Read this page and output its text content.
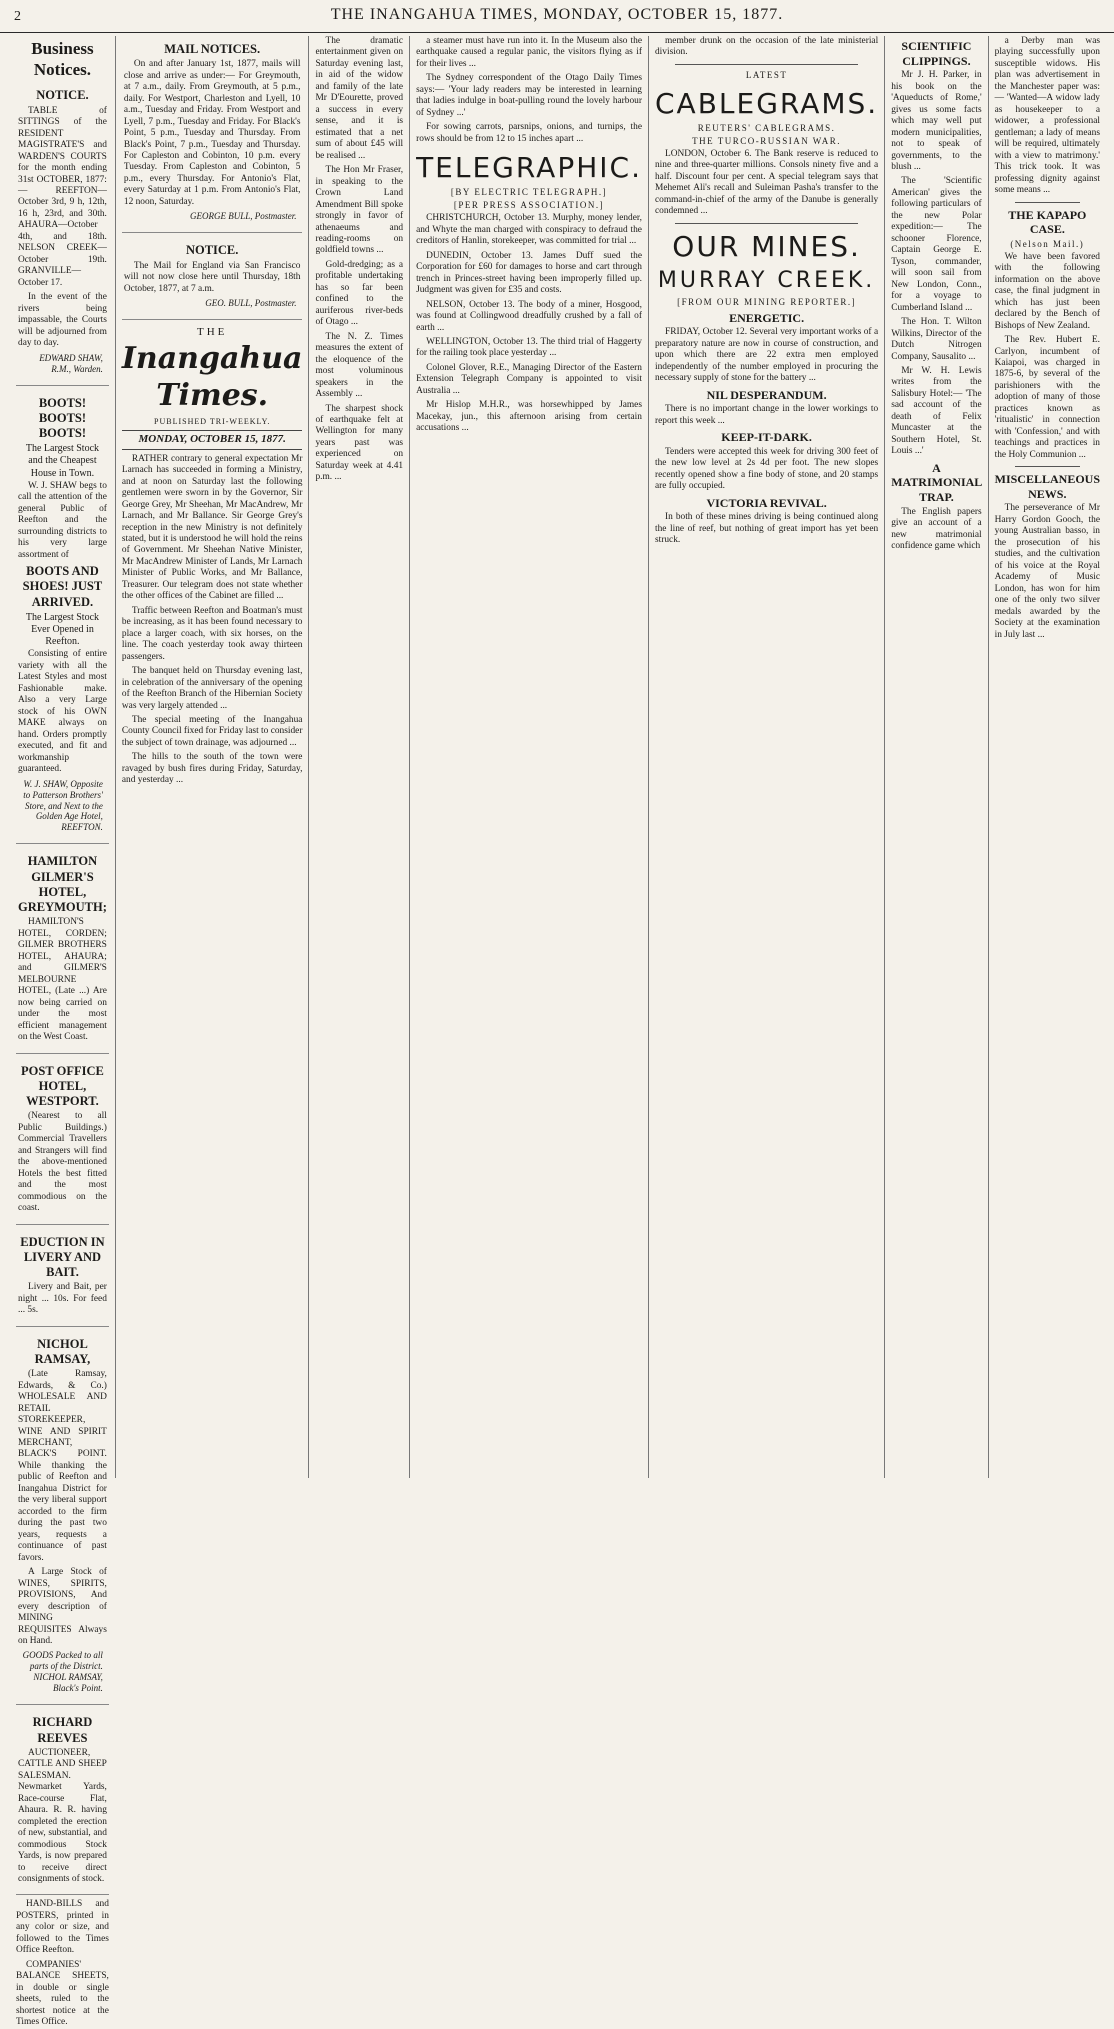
2	THE INANGAHUA TIMES, MONDAY, OCTOBER 15, 1877.
Business Notices.
NOTICE.

TABLE of SITTINGS of the RESIDENT MAGISTRATE'S and WARDEN'S COURTS for the month ending 31st OCTOBER, 1877:— REEFTON—October 3rd, 9 h, 12th, 16 h, 23rd, and 30th. AHAURA—October 4th, and 18th. NELSON CREEK—October 19th. GRANVILLE—October 17.

In the event of the rivers being impassable, the Courts will be adjourned from day to day.

EDWARD SHAW, R.M., Warden.
BOOTS! BOOTS! BOOTS!
The Largest Stock and the Cheapest House in Town.

W. J. SHAW begs to call the attention of the general Public of Reefton and the surrounding districts to his very large assortment of

BOOTS AND SHOES! JUST ARRIVED.
The Largest Stock Ever Opened in Reefton.

Consisting of entire variety with all the Latest Styles and most Fashionable make. Also a very Large stock of his OWN MAKE always on hand. Orders promptly executed, and fit and workmanship guaranteed.

W. J. SHAW, Opposite to Patterson Brothers' Store, and Next to the Golden Age Hotel, REEFTON.
HAMILTON GILMER'S HOTEL, GREYMOUTH;

HAMILTON'S HOTEL, CORDEN; GILMER BROTHERS HOTEL, AHAURA; and GILMER'S MELBOURNE HOTEL, (Late ...) Are now being carried on under the most efficient management on the West Coast.

POST OFFICE HOTEL, WESTPORT.

(Nearest to all Public Buildings.) Commercial Travellers and Strangers will find the above-mentioned Hotels the best fitted and the most commodious on the coast.

EDUCTION IN LIVERY AND BAIT.

Livery and Bait, per night ... 10s. For feed ... 5s.

NICHOL RAMSAY,

(Late Ramsay, Edwards, & Co.) WHOLESALE AND RETAIL STOREKEEPER, WINE AND SPIRIT MERCHANT, BLACK'S POINT. While thanking the public of Reefton and Inangahua District for the very liberal support accorded to the firm during the past two years, requests a continuance of past favors.

A Large Stock of WINES, SPIRITS, PROVISIONS, And every description of MINING REQUISITES Always on Hand.

GOODS Packed to all parts of the District. NICHOL RAMSAY, Black's Point.
RICHARD REEVES

AUCTIONEER, CATTLE AND SHEEP SALESMAN. Newmarket Yards, Race-course Flat, Ahaura. R. R. having completed the erection of new, substantial, and commodious Stock Yards, is now prepared to receive direct consignments of stock.

HAND-BILLS and POSTERS, printed in any color or size, and followed to the Times Office Reefton.

COMPANIES' BALANCE SHEETS, in double or single sheets, ruled to the shortest notice at the Times Office.

MAIL NOTICES.

On and after January 1st, 1877, mails will close and arrive as under:— For Greymouth, at 7 a.m., daily. From Greymouth, at 5 p.m., daily. For Westport, Charleston and Lyell, 10 a.m., Tuesday and Friday. From Westport and Lyell, 7 p.m., Tuesday and Friday. For Black's Point, 5 p.m., Tuesday and Thursday. From Black's Point, 7 p.m., Tuesday and Thursday. For Capleston and Cobinton, 10 p.m. every Tuesday. From Capleston and Cobinton, 5 p.m., every Thursday. For Antonio's Flat, every Saturday at 1 p.m. From Antonio's Flat, 12 noon, Saturday.

GEORGE BULL, Postmaster.
NOTICE.

The Mail for England via San Francisco will not now close here until Thursday, 18th October, 1877, at 7 a.m.

GEO. BULL, Postmaster.
THE
Inangahua Times.
PUBLISHED TRI-WEEKLY.
MONDAY, OCTOBER 15, 1877.

RATHER contrary to general expectation Mr Larnach has succeeded in forming a Ministry, and at noon on Saturday last the following gentlemen were sworn in by the Governor, Sir George Grey, Mr Sheehan, Mr MacAndrew, Mr Larnach, and Mr Ballance. Sir George Grey's reception in the new Ministry is not definitely stated, but it is understood he will hold the reins of Government. Mr Sheehan Native Minister, Mr MacAndrew Minister of Lands, Mr Larnach Minister of Public Works, and Mr Ballance, Treasurer. Our telegram does not state whether the other offices of the Cabinet are filled ...

Traffic between Reefton and Boatman's must be increasing, as it has been found necessary to place a larger coach, with six horses, on the line. The coach yesterday took away thirteen passengers.

The banquet held on Thursday evening last, in celebration of the anniversary of the opening of the Reefton Branch of the Hibernian Society was very largely attended ...

The special meeting of the Inangahua County Council fixed for Friday last to consider the subject of town drainage, was adjourned ...

The hills to the south of the town were ravaged by bush fires during Friday, Saturday, and yesterday ...

The dramatic entertainment given on Saturday evening last, in aid of the widow and family of the late Mr D'Eourette, proved a success in every sense, and it is estimated that a net sum of about £45 will be realised ...

The Hon Mr Fraser, in speaking to the Crown Land Amendment Bill spoke strongly in favor of athenaeums and reading-rooms on goldfield towns ...

Gold-dredging; as a profitable undertaking has so far been confined to the auriferous river-beds of Otago ...

The N. Z. Times measures the extent of the eloquence of the most voluminous speakers in the Assembly ...

The sharpest shock of earthquake felt at Wellington for many years past was experienced on Saturday week at 4.41 p.m. ...

a steamer must have run into it. In the Museum also the earthquake caused a regular panic, the visitors flying as if for their lives ...

The Sydney correspondent of the Otago Daily Times says:— 'Your lady readers may be interested in learning that ladies indulge in boat-pulling round the lovely harbour of Sydney ...'

For sowing carrots, parsnips, onions, and turnips, the rows should be from 12 to 15 inches apart ...

TELEGRAPHIC.
[BY ELECTRIC TELEGRAPH.]
[PER PRESS ASSOCIATION.]

CHRISTCHURCH, October 13. Murphy, money lender, and Whyte the man charged with conspiracy to defraud the creditors of Hanlin, storekeeper, was committed for trial ...

DUNEDIN, October 13. James Duff sued the Corporation for £60 for damages to horse and cart through trench in Princes-street having been improperly filled up. Judgment was given for £35 and costs.

NELSON, October 13. The body of a miner, Hosgood, was found at Collingwood dreadfully crushed by a fall of earth ...

WELLINGTON, October 13. The third trial of Haggerty for the railing took place yesterday ...

Colonel Glover, R.E., Managing Director of the Eastern Extension Telegraph Company is appointed to visit Australia ...

Mr Hislop M.H.R., was horsewhipped by James Macekay, jun., this afternoon arising from certain accusations ...

member drunk on the occasion of the late ministerial division.

LATEST
CABLEGRAMS.
REUTERS' CABLEGRAMS.
THE TURCO-RUSSIAN WAR.

LONDON, October 6. The Bank reserve is reduced to nine and three-quarter millions. Consols ninety five and a half. Discount four per cent. A special telegram says that Mehemet Ali's recall and Suleiman Pasha's transfer to the command-in-chief of the army of the Danube is generally condemned ...

OUR MINES.
MURRAY CREEK.
[FROM OUR MINING REPORTER.]
ENERGETIC.

FRIDAY, October 12. Several very important works of a preparatory nature are now in course of construction, and upon which there are 22 extra men employed independently of the number employed in procuring the necessary supply of stone for the battery ...

NIL DESPERANDUM.

There is no important change in the lower workings to report this week ...

KEEP-IT-DARK.

Tenders were accepted this week for driving 300 feet of the new low level at 2s 4d per foot. The new slopes recently opened show a fine body of stone, and 20 stamps are fully occupied.

VICTORIA REVIVAL.

In both of these mines driving is being continued along the line of reef, but nothing of great import has yet been struck.

SCIENTIFIC CLIPPINGS.

Mr J. H. Parker, in his book on the 'Aqueducts of Rome,' gives us some facts which may well put modern municipalities, not to speak of governments, to the blush ...

The 'Scientific American' gives the following particulars of the new Polar expedition:— The schooner Florence, Captain George E. Tyson, commander, will soon sail from New London, Conn., for a voyage to Cumberland Island ...

The Hon. T. Wilton Wilkins, Director of the Dutch Nitrogen Company, Sausalito ...

Mr W. H. Lewis writes from the Salisbury Hotel:— 'The sad account of the death of Felix Muncaster at the Southern Hotel, St. Louis ...'

A MATRIMONIAL TRAP.

The English papers give an account of a new matrimonial confidence game which

a Derby man was playing successfully upon susceptible widows. His plan was advertisement in the Manchester paper was:— 'Wanted—A widow lady as housekeeper to a widower, a professional gentleman; a lady of means will be required, ultimately with a view to matrimony.' This trick took. It was professing dignity against some means ...

THE KAPAPO CASE.
(Nelson Mail.)

We have been favored with the following information on the above case, the final judgment in which has just been declared by the Bench of Bishops of New Zealand.

The Rev. Hubert E. Carlyon, incumbent of Kaiapoi, was charged in 1875-6, by several of the parishioners with the adoption of many of those practices known as 'ritualistic' in connection with 'Confession,' and with teachings and practices in the Holy Communion ...

MISCELLANEOUS NEWS.

The perseverance of Mr Harry Gordon Gooch, the young Australian basso, in the prosecution of his studies, and the cultivation of his voice at the Royal Academy of Music London, has won for him one of the only two silver medals awarded by the Society at the examination in July last ...
